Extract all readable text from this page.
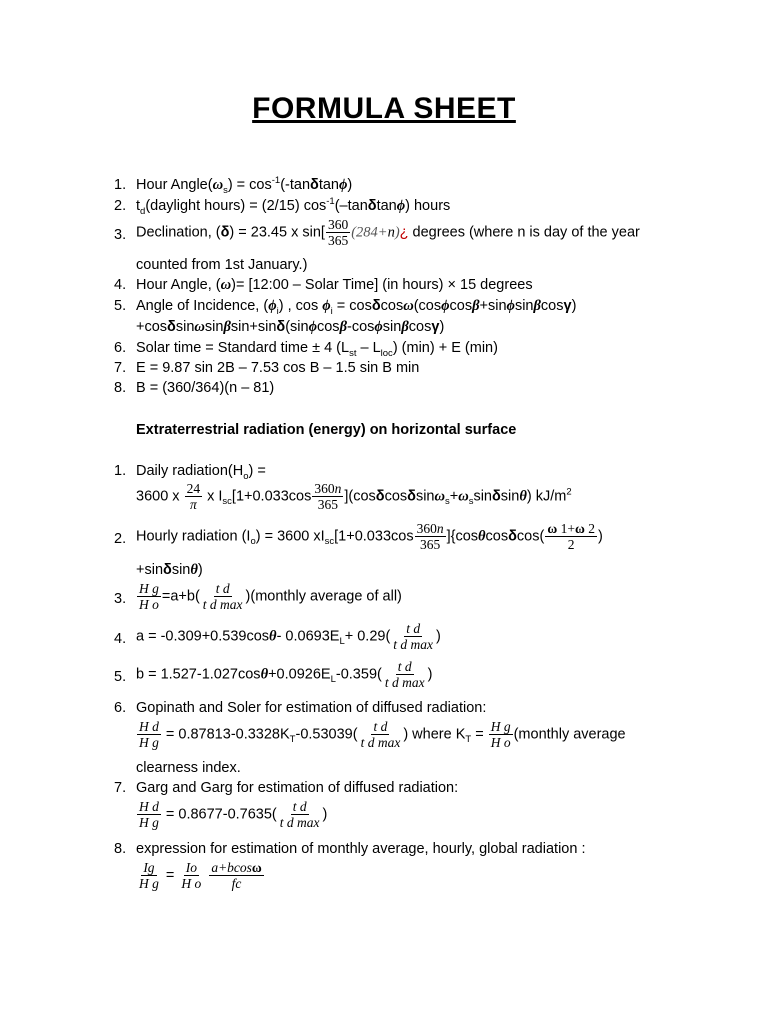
FORMULA SHEET
1. Hour $Angle(\omega_s) = \cos^{-1}(-\tan\delta\tan\phi)$
2. $t_d(daylight$ hours) = (2/15) $\cos^{-1}(-\tan\delta\tan\phi)$ hours
3. Declination, (δ) = 23.45 x $\sin[ \frac{360}{365}$ (284+n)¿ degrees (where n is day of the year
counted from 1st January.)
4. Hour Angle, (ω)= [12:00 – Solar Time] (in hours) × 15 degrees
5. Angle of Incidence, $(\phi_i)$ , $\cos \phi_i = \cos\delta\cos\omega(\cos\phi\cos\beta+\sin\phi\sin\beta\cos\gamma)$
+cosδsinωsinβsin+sinδ(sinϕcosβ-cosϕsinβcosγ)
6. Solar time = Standard time ± 4 $(L_{st} - L_{loc}) (\min) + E$ (min)
7. E = 9.87 sin 2B – 7.53 cos B – 1.5 sin B min
8. B = (360/364)(n – 81)
Extraterrestrial radiation (energy) on horizontal surface
1. Daily $radiation(H_o)$ =
3600 x $\frac{24}{\pi}$ x $I_{sc}[1+0.033\cos \frac{360n}{365} ](\cos\delta\cos\delta\sin\omega_s+\omega_s\sin\delta\sin\theta)$ $kJ/m^2$
2. Hourly radiation $(I_o) = 3600$ $xI_{sc}[1+0.033\cos \frac{360n}{365} ]\{\cos\theta\cos\delta\cos( \frac{\omega 1+\omega 2}{2}$ )
+sinδsinθ)
3. $\frac{\text{H g}}{\text{H o}} =a+b( \frac{\text{t d}}{\text{t d max}}$ )(monthly average of all)
4. a = -0.309+0.539cosθ- $0.0693E_L+ 0.29( \frac{\text{t d}}{\text{t d max}}$ )
5. $b = 1.527-1.027\cos\theta+0.0926E_L-0.359( \frac{\text{t d}}{\text{t d max}}$ )
6. Gopinath and Soler for estimation of diffused radiation:
$\frac{\text{H d}}{\text{H g}} = 0.87813-0.3328K_T-0.53039( \frac{\text{t d}}{\text{t d max}}$ ) where $K_T = \frac{\text{H g}}{\text{H o}}$ (monthly average
clearness index.
7. Garg and Garg for estimation of diffused radiation:
$\frac{\text{H d}}{\text{H g}} = 0.8677-0.7635( \frac{\text{t d}}{\text{t d max}}$ )
8. expression for estimation of monthly average, hourly, global radiation :
$\frac{Ig}{\text{H g}} = \frac{Io}{\text{H o}}$
$\frac{a+bcos\omega}{fc}$
